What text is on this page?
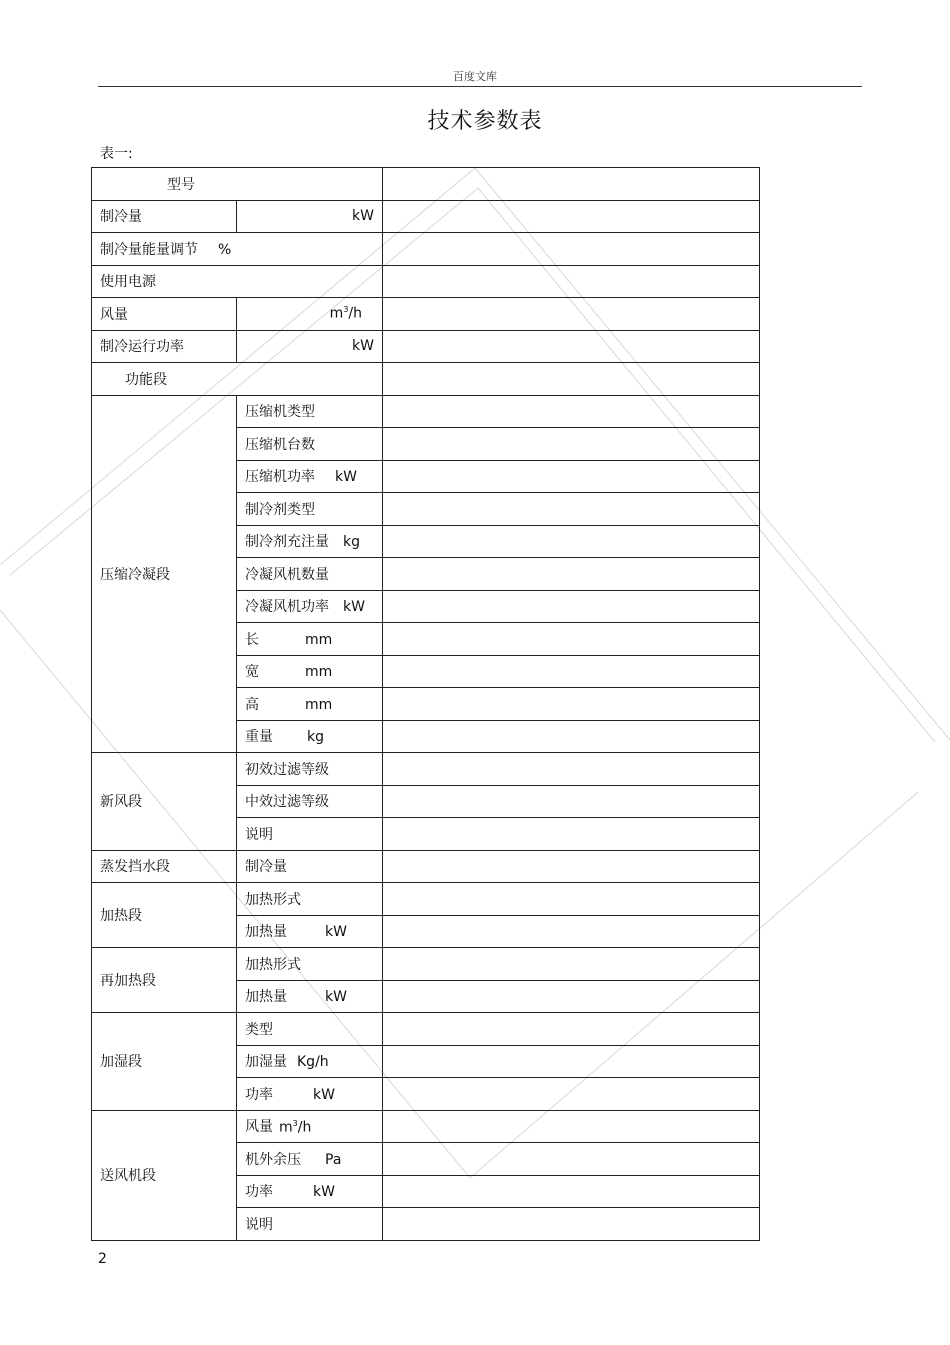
百度文库
技术参数表
表一:
型号		
制冷量	kW	
制冷量能量调节 %		
使用电源		
风量	$m^3/h$	
制冷运行功率	kW	
功能段		
压缩冷凝段	压缩机类型	
	压缩机台数	
	压缩机功率 kW	
	制冷剂类型	
	制冷剂充注量 kg	
	冷凝风机数量	
	冷凝风机功率 kW	
	长 mm	
	宽 mm	
	高 mm	
	重量 kg	
新风段	初效过滤等级	
	中效过滤等级	
	说明	
蒸发挡水段	制冷量	
加热段	加热形式	
	加热量 kW	
再加热段	加热形式	
	加热量 kW	
加湿段	类型	
	加湿量 Kg/h	
	功率 kW	
送风机段	风量 $m^3/h$	
	机外余压 Pa	
	功率 kW	
	说明	
2
